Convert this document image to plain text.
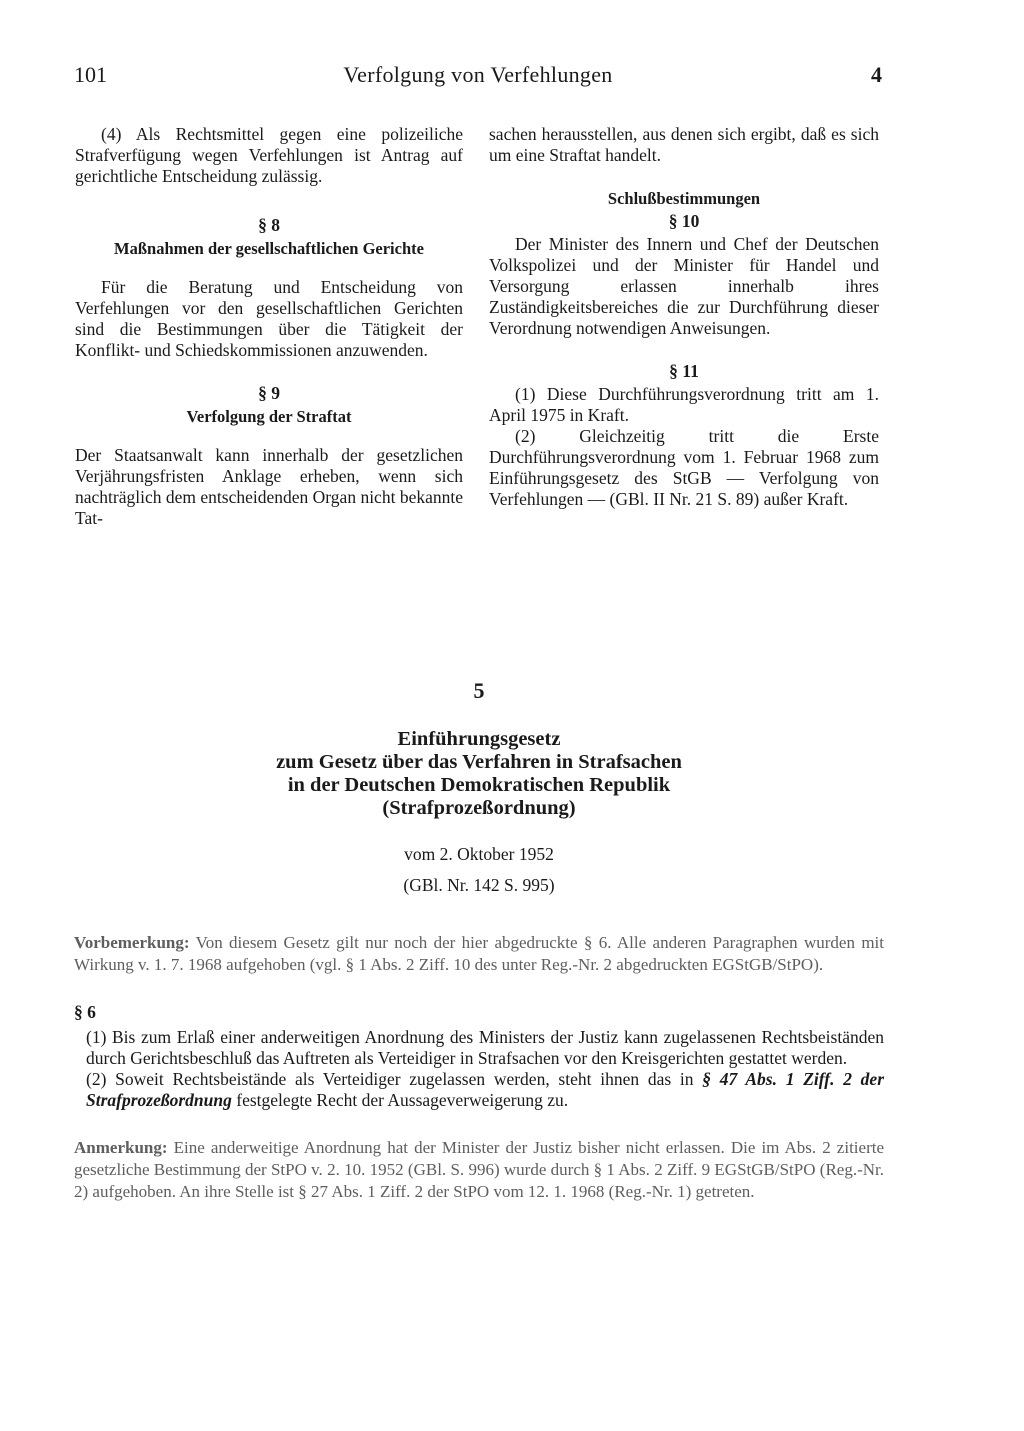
101	Verfolgung von Verfehlungen	4

(4) Als Rechtsmittel gegen eine polizeiliche Strafverfügung wegen Verfehlungen ist Antrag auf gerichtliche Entscheidung zulässig.

§ 8
Maßnahmen der gesellschaftlichen Gerichte

Für die Beratung und Entscheidung von Verfehlungen vor den gesellschaftlichen Gerichten sind die Bestimmungen über die Tätigkeit der Konflikt- und Schiedskommissionen anzuwenden.

§ 9
Verfolgung der Straftat

Der Staatsanwalt kann innerhalb der gesetzlichen Verjährungsfristen Anklage erheben, wenn sich nachträglich dem entscheidenden Organ nicht bekannte Tat-

sachen herausstellen, aus denen sich ergibt, daß es sich um eine Straftat handelt.

Schlußbestimmungen
§ 10

Der Minister des Innern und Chef der Deutschen Volkspolizei und der Minister für Handel und Versorgung erlassen innerhalb ihres Zuständigkeitsbereiches die zur Durchführung dieser Verordnung notwendigen Anweisungen.

§ 11

(1) Diese Durchführungsverordnung tritt am 1. April 1975 in Kraft.

(2) Gleichzeitig tritt die Erste Durchführungsverordnung vom 1. Februar 1968 zum Einführungsgesetz des StGB — Verfolgung von Verfehlungen — (GBl. II Nr. 21 S. 89) außer Kraft.

5

Einführungsgesetz
zum Gesetz über das Verfahren in Strafsachen
in der Deutschen Demokratischen Republik
(Strafprozeßordnung)

vom 2. Oktober 1952

(GBl. Nr. 142 S. 995)

Vorbemerkung: Von diesem Gesetz gilt nur noch der hier abgedruckte § 6. Alle anderen Paragraphen wurden mit Wirkung v. 1. 7. 1968 aufgehoben (vgl. § 1 Abs. 2 Ziff. 10 des unter Reg.-Nr. 2 abgedruckten EGStGB/StPO).

§ 6

(1) Bis zum Erlaß einer anderweitigen Anordnung des Ministers der Justiz kann zugelassenen Rechtsbeiständen durch Gerichtsbeschluß das Auftreten als Verteidiger in Strafsachen vor den Kreisgerichten gestattet werden.

(2) Soweit Rechtsbeistände als Verteidiger zugelassen werden, steht ihnen das in § 47 Abs. 1 Ziff. 2 der Strafprozeßordnung festgelegte Recht der Aussageverweigerung zu.

Anmerkung: Eine anderweitige Anordnung hat der Minister der Justiz bisher nicht erlassen. Die im Abs. 2 zitierte gesetzliche Bestimmung der StPO v. 2. 10. 1952 (GBl. S. 996) wurde durch § 1 Abs. 2 Ziff. 9 EGStGB/StPO (Reg.-Nr. 2) aufgehoben. An ihre Stelle ist § 27 Abs. 1 Ziff. 2 der StPO vom 12. 1. 1968 (Reg.-Nr. 1) getreten.
